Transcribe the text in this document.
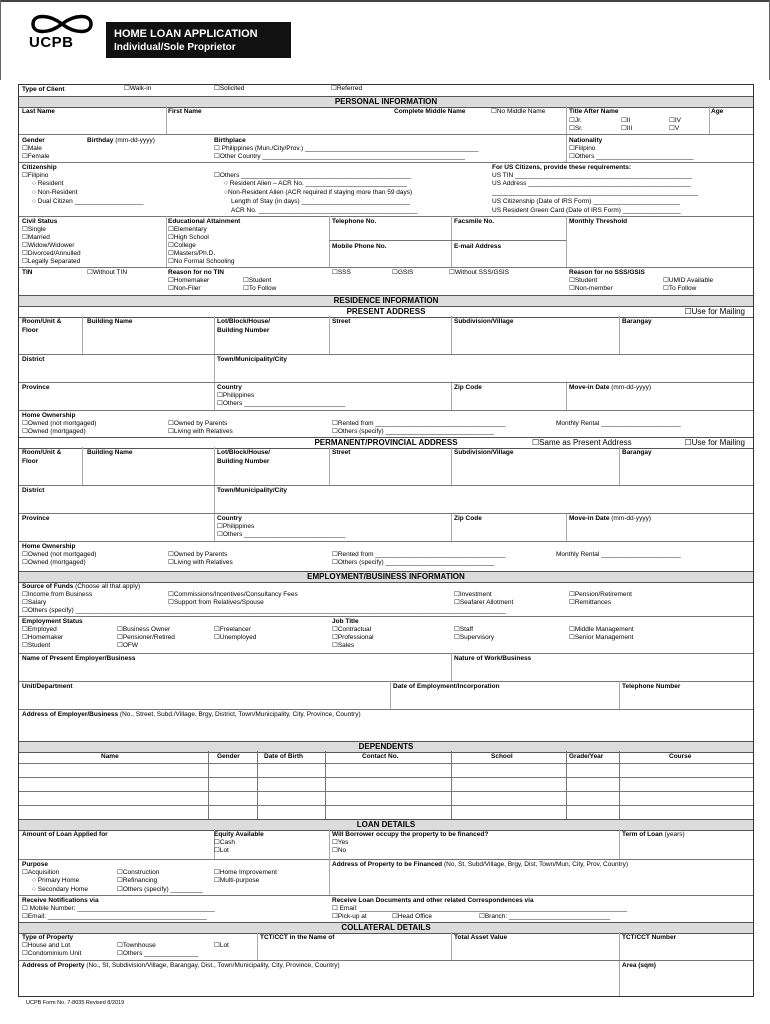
UCPB	HOME LOAN APPLICATION
Individual/Sole Proprietor
Type of Client	☐Walk-in	☐Solicited	☐Referred
PERSONAL INFORMATION
Last Name	First Name	Complete Middle Name	☐No Middle Name	Title After Name	Age
☐Jr.	☐II	☐IV
☐Sr.	☐III	☐V
Gender
☐Male
☐Female
Birthday (mm-dd-yyyy)	Birthplace
☐ Philippines (Mun./City/Prov.) ________________________________________________
☐Other Country ________________________________________________________
Nationality
☐Filipino
☐Others ___________________________
Citizenship
☐Filipino
○ Resident
○ Non-Resident
○ Dual Citizen ___________________
☐Others _______________________________________________
○ Resident Alien – ACR No. ____________________________
○Non-Resident Alien (ACR required if staying more than 59 days)
Length of Stay (in days) ______________________________
ACR No. ____________________________________________
For US Citizens, provide these requirements:
US TIN _________________________________________________
US Address _____________________________________________
_________________________________________________________
US Citizenship (Date of IRS Form) ________________________
US Resident Green Card (Date of IRS Form) ________________
Civil Status
☐Single
☐Married
☐Widow/Widower
☐Divorced/Annulled
☐Legally Separated
Educational Attainment
☐Elementary
☐High School
☐College
☐Masters/Ph.D.
☐No Formal Schooling
Telephone No.	Facsmile No.	Monthly Threshold
Mobile Phone No.	E-mail Address
TIN	☐Without TIN	Reason for no TIN
☐Homemaker	☐Student
☐Non-Filer	☐To Follow
☐SSS	☐GSIS	☐Without SSS/GSIS	Reason for no SSS/GSIS
☐Student	☐UMID Available
☐Non-member	☐To Follow
RESIDENCE INFORMATION
PRESENT ADDRESS	☐Use for Mailing
Room/Unit &
Floor
Building Name	Lot/Block/House/
Building Number
Street	Subdivision/Village	Barangay
District	Town/Municipality/City
Province	Country
☐Philippines
☐Others ____________________________
Zip Code	Move-in Date (mm-dd-yyyy)
Home Ownership
☐Owned (not mortgaged)
☐Owned (mortgaged)
☐Owned by Parents
☐Living with Relatives
☐Rented from ____________________________________
☐Others (specify) ______________________________
Monthly Rental ______________________
PERMANENT/PROVINCIAL ADDRESS	☐Same as Present Address	☐Use for Mailing
Room/Unit &
Floor
Building Name	Lot/Block/House/
Building Number
Street	Subdivision/Village	Barangay
District	Town/Municipality/City
Province	Country
☐Philippines
☐Others ____________________________
Zip Code	Move-in Date (mm-dd-yyyy)
Home Ownership
☐Owned (not mortgaged)
☐Owned (mortgaged)
☐Owned by Parents
☐Living with Relatives
☐Rented from ____________________________________
☐Others (specify) ______________________________
Monthly Rental ______________________
EMPLOYMENT/BUSINESS INFORMATION
Source of Funds (Choose all that apply)
☐Income from Business
☐Salary
☐Others (specify) _______________________________________________________________________________________________________________________
☐Commissions/Incentives/Consultancy Fees
☐Support from Relatives/Spouse
☐Investment
☐Seafarer Allotment
☐Pension/Retirement
☐Remittances
Employment Status
☐Employed
☐Homemaker
☐Student
☐Business Owner
☐Pensioner/Retired
☐OFW
☐Freelancer
☐Unemployed
Job Title
☐Contractual
☐Professional
☐Sales
☐Staff
☐Supervisory
☐Middle Management
☐Senior Management
Name of Present Employer/Business	Nature of Work/Business
Unit/Department	Date of Employment/Incorporation	Telephone Number
Address of Employer/Business (No., Street, Subd./Village, Brgy, District, Town/Municipality, City, Province, Country)
DEPENDENTS
Name	Gender	Date of Birth	Contact No.	School	Grade/Year	Course
LOAN DETAILS
Amount of Loan Applied for	Equity Available
☐Cash
☐Lot
Will Borrower occupy the property to be financed?
☐Yes
☐No
Term of Loan (years)
Purpose
☐Acquisition
○ Primary Home
○ Secondary Home
☐Construction
☐Refinancing
☐Others (specify) _________
☐Home Improvement
☐Multi-purpose
Address of Property to be Financed (No, St, Subd/Village, Brgy, Dist, Town/Mun, City, Prov, Country)
Receive Notifications via
☐ Mobile Number: ______________________________________
☐Email: ____________________________________________
Receive Loan Documents and other related Correspondences via
☐ Email: __________________________________________________________________________
☐Pick-up at	☐Head Office	☐Branch: ____________________________
COLLATERAL DETAILS
Type of Property
☐House and Lot
☐Condominium Unit
☐Townhouse
☐Others _______________
☐Lot
TCT/CCT in the Name of	Total Asset Value	TCT/CCT Number
Address of Property (No., St, Subdivision/Village, Barangay, Dist., Town/Municipality, City, Province, Country)	Area (sqm)
UCPB Form No. 7-8035 Revised 8/2019
